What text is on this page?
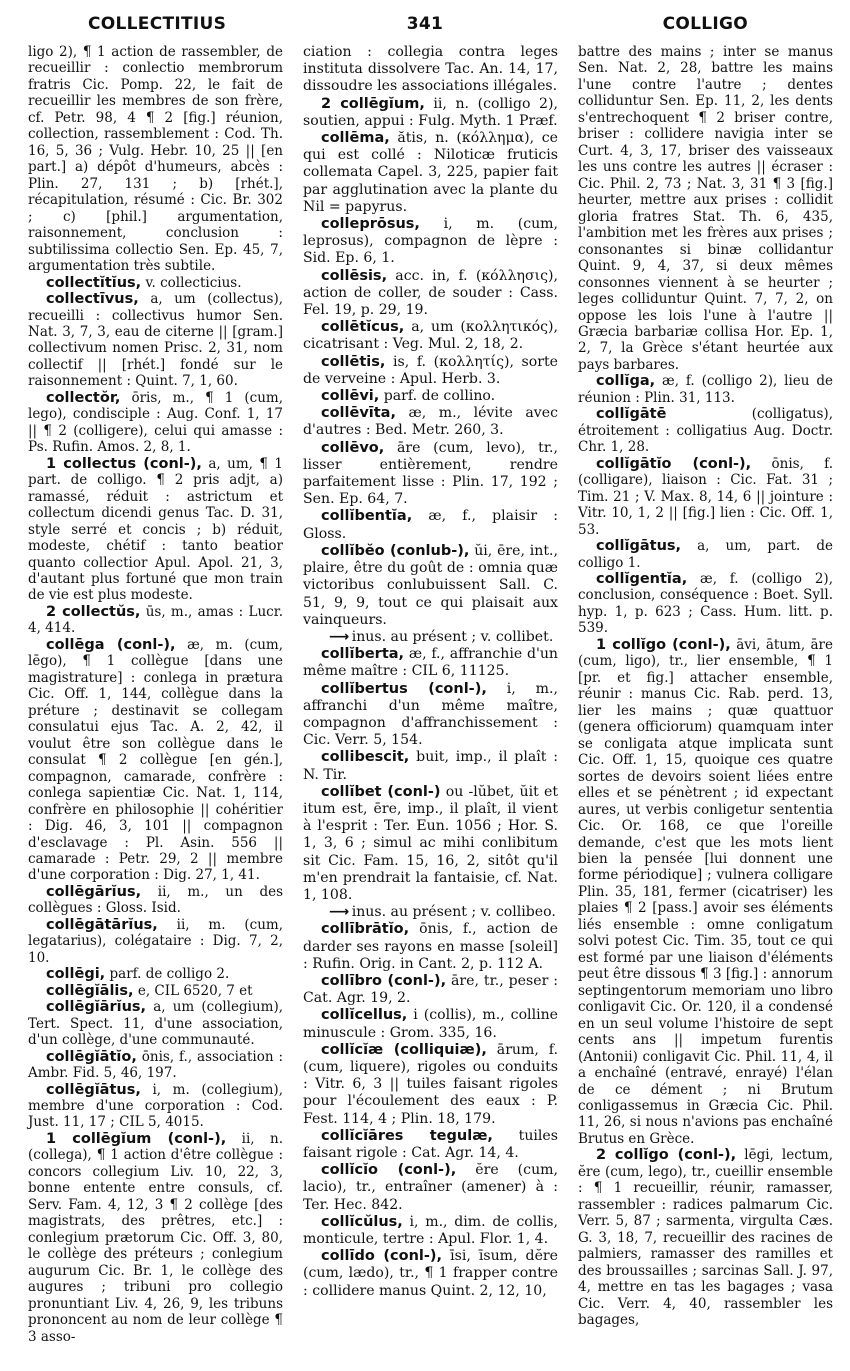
COLLECTITIUS	341	COLLIGO

ligo 2), ¶ 1 action de rassembler, de recueillir : conlectio membrorum fratris Cic. Pomp. 22, le fait de recueillir les membres de son frère, cf. Petr. 98, 4 ¶ 2 [fig.] réunion, collection, rassemblement : Cod. Th. 16, 5, 36 ; Vulg. Hebr. 10, 25 || [en part.] a) dépôt d'humeurs, abcès : Plin. 27, 131 ; b) [rhét.], récapitulation, résumé : Cic. Br. 302 ; c) [phil.] argumentation, raisonnement, conclusion : subtilissima collectio Sen. Ep. 45, 7, argumentation très subtile.

collectĭtĭus, v. collecticius.

collectīvus, a, um (collectus), recueilli : collectivus humor Sen. Nat. 3, 7, 3, eau de citerne || [gram.] collectivum nomen Prisc. 2, 31, nom collectif || [rhét.] fondé sur le raisonnement : Quint. 7, 1, 60.

collectŏr, ōris, m., ¶ 1 (cum, lego), condisciple : Aug. Conf. 1, 17 || ¶ 2 (colligere), celui qui amasse : Ps. Rufin. Amos. 2, 8, 1.

1 collectus (conl-), a, um, ¶ 1 part. de colligo. ¶ 2 pris adjt, a) ramassé, réduit : astrictum et collectum dicendi genus Tac. D. 31, style serré et concis ; b) réduit, modeste, chétif : tanto beatior quanto collectior Apul. Apol. 21, 3, d'autant plus fortuné que mon train de vie est plus modeste.

2 collectŭs, ūs, m., amas : Lucr. 4, 414.

collēga (conl-), æ, m. (cum, lēgo), ¶ 1 collègue [dans une magistrature] : conlega in prætura Cic. Off. 1, 144, collègue dans la préture ; destinavit se collegam consulatui ejus Tac. A. 2, 42, il voulut être son collègue dans le consulat ¶ 2 collègue [en gén.], compagnon, camarade, confrère : conlega sapientiæ Cic. Nat. 1, 114, confrère en philosophie || cohéritier : Dig. 46, 3, 101 || compagnon d'esclavage : Pl. Asin. 556 || camarade : Petr. 29, 2 || membre d'une corporation : Dig. 27, 1, 41.

collēgārĭus, ii, m., un des collègues : Gloss. Isid.

collēgātārĭus, ii, m. (cum, legatarius), colégataire : Dig. 7, 2, 10.

collēgi, parf. de colligo 2.

collēgĭālis, e, CIL 6520, 7 et

collēgĭārĭus, a, um (collegium), Tert. Spect. 11, d'une association, d'un collège, d'une communauté.

collēgĭātĭo, ōnis, f., association : Ambr. Fid. 5, 46, 197.

collēgĭātus, i, m. (collegium), membre d'une corporation : Cod. Just. 11, 17 ; CIL 5, 4015.

1 collēgĭum (conl-), ii, n. (collega), ¶ 1 action d'être collègue : concors collegium Liv. 10, 22, 3, bonne entente entre consuls, cf. Serv. Fam. 4, 12, 3 ¶ 2 collège [des magistrats, des prêtres, etc.] : conlegium prætorum Cic. Off. 3, 80, le collège des préteurs ; conlegium augurum Cic. Br. 1, le collège des augures ; tribuni pro collegio pronuntiant Liv. 4, 26, 9, les tribuns prononcent au nom de leur collège ¶ 3 asso-

ciation : collegia contra leges instituta dissolvere Tac. An. 14, 17, dissoudre les associations illégales.

2 collēgĭum, ii, n. (colligo 2), soutien, appui : Fulg. Myth. 1 Præf.

collēma, ătis, n. (κόλλημα), ce qui est collé : Niloticæ fruticis collemata Capel. 3, 225, papier fait par agglutination avec la plante du Nil = papyrus.

colleprōsus, i, m. (cum, leprosus), compagnon de lèpre : Sid. Ep. 6, 1.

collēsis, acc. in, f. (κόλλησις), action de coller, de souder : Cass. Fel. 19, p. 29, 19.

collētĭcus, a, um (κολλητικός), cicatrisant : Veg. Mul. 2, 18, 2.

collētis, is, f. (κολλητίς), sorte de verveine : Apul. Herb. 3.

collēvi, parf. de collino.

collēvīta, æ, m., lévite avec d'autres : Bed. Metr. 260, 3.

collēvo, āre (cum, levo), tr., lisser entièrement, rendre parfaitement lisse : Plin. 17, 192 ; Sen. Ep. 64, 7.

collĭbentĭa, æ, f., plaisir : Gloss.

collĭbĕo (conlub-), ŭi, ēre, int., plaire, être du goût de : omnia quæ victoribus conlubuissent Sall. C. 51, 9, 9, tout ce qui plaisait aux vainqueurs.

⟶ inus. au présent ; v. collibet.

collĭberta, æ, f., affranchie d'un même maître : CIL 6, 11125.

collĭbertus (conl-), i, m., affranchi d'un même maître, compagnon d'affranchissement : Cic. Verr. 5, 154.

collibescit, buit, imp., il plaît : N. Tir.

collĭbet (conl-) ou -lŭbet, ŭit et itum est, ēre, imp., il plaît, il vient à l'esprit : Ter. Eun. 1056 ; Hor. S. 1, 3, 6 ; simul ac mihi conlibitum sit Cic. Fam. 15, 16, 2, sitôt qu'il m'en prendrait la fantaisie, cf. Nat. 1, 108.

⟶ inus. au présent ; v. collibeo.

collībrātĭo, ōnis, f., action de darder ses rayons en masse [soleil] : Rufin. Orig. in Cant. 2, p. 112 A.

collībro (conl-), āre, tr., peser : Cat. Agr. 19, 2.

collĭcellus, i (collis), m., colline minuscule : Grom. 335, 16.

collĭcĭæ (colliquiæ), ārum, f. (cum, liquere), rigoles ou conduits : Vitr. 6, 3 || tuiles faisant rigoles pour l'écoulement des eaux : P. Fest. 114, 4 ; Plin. 18, 179.

collĭcĭāres tegulæ, tuiles faisant rigole : Cat. Agr. 14, 4.

collĭcĭo (conl-), ĕre (cum, lacio), tr., entraîner (amener) à : Ter. Hec. 842.

collĭcŭlus, i, m., dim. de collis, monticule, tertre : Apul. Flor. 1, 4.

collīdo (conl-), īsi, īsum, dĕre (cum, lædo), tr., ¶ 1 frapper contre : collidere manus Quint. 2, 12, 10,

battre des mains ; inter se manus Sen. Nat. 2, 28, battre les mains l'une contre l'autre ; dentes colliduntur Sen. Ep. 11, 2, les dents s'entrechoquent ¶ 2 briser contre, briser : collidere navigia inter se Curt. 4, 3, 17, briser des vaisseaux les uns contre les autres || écraser : Cic. Phil. 2, 73 ; Nat. 3, 31 ¶ 3 [fig.] heurter, mettre aux prises : collidit gloria fratres Stat. Th. 6, 435, l'ambition met les frères aux prises ; consonantes si binæ collidantur Quint. 9, 4, 37, si deux mêmes consonnes viennent à se heurter ; leges colliduntur Quint. 7, 7, 2, on oppose les lois l'une à l'autre || Græcia barbariæ collisa Hor. Ep. 1, 2, 7, la Grèce s'étant heurtée aux pays barbares.

collĭga, æ, f. (colligo 2), lieu de réunion : Plin. 31, 113.

collĭgātē	(colligatus), étroitement : colligatius Aug. Doctr. Chr. 1, 28.

collĭgātĭo (conl-), ōnis, f. (colligare), liaison : Cic. Fat. 31 ; Tim. 21 ; V. Max. 8, 14, 6 || jointure : Vitr. 10, 1, 2 || [fig.] lien : Cic. Off. 1, 53.

collĭgātus, a, um, part. de colligo 1.

collĭgentĭa, æ, f. (colligo 2), conclusion, conséquence : Boet. Syll. hyp. 1, p. 623 ; Cass. Hum. litt. p. 539.

1 collĭgo (conl-), āvi, ātum, āre (cum, ligo), tr., lier ensemble, ¶ 1 [pr. et fig.] attacher ensemble, réunir : manus Cic. Rab. perd. 13, lier les mains ; quæ quattuor (genera officiorum) quamquam inter se conligata atque implicata sunt Cic. Off. 1, 15, quoique ces quatre sortes de devoirs soient liées entre elles et se pénètrent ; id expectant aures, ut verbis conligetur sententia Cic. Or. 168, ce que l'oreille demande, c'est que les mots lient bien la pensée [lui donnent une forme périodique] ; vulnera colligare Plin. 35, 181, fermer (cicatriser) les plaies ¶ 2 [pass.] avoir ses éléments liés ensemble : omne conligatum solvi potest Cic. Tim. 35, tout ce qui est formé par une liaison d'éléments peut être dissous ¶ 3 [fig.] : annorum septingentorum memoriam uno libro conligavit Cic. Or. 120, il a condensé en un seul volume l'histoire de sept cents ans || impetum furentis (Antonii) conligavit Cic. Phil. 11, 4, il a enchaîné (entravé, enrayé) l'élan de ce dément ; ni Brutum conligassemus in Græcia Cic. Phil. 11, 26, si nous n'avions pas enchaîné Brutus en Grèce.

2 collĭgo (conl-), lēgi, lectum, ĕre (cum, lego), tr., cueillir ensemble : ¶ 1 recueillir, réunir, ramasser, rassembler : radices palmarum Cic. Verr. 5, 87 ; sarmenta, virgulta Cæs. G. 3, 18, 7, recueillir des racines de palmiers, ramasser des ramilles et des broussailles ; sarcinas Sall. J. 97, 4, mettre en tas les bagages ; vasa Cic. Verr. 4, 40, rassembler les bagages,
